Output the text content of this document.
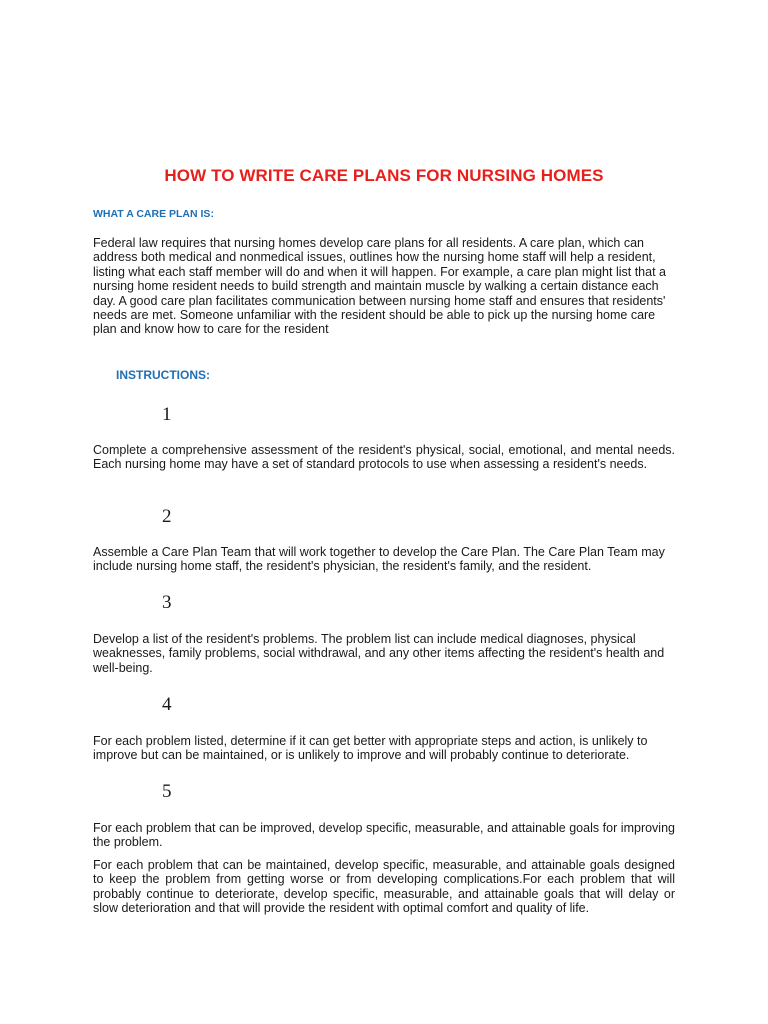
HOW TO WRITE CARE PLANS FOR NURSING HOMES
WHAT A CARE PLAN IS:

Federal law requires that nursing homes develop care plans for all residents. A care plan, which can address both medical and nonmedical issues, outlines how the nursing home staff will help a resident, listing what each staff member will do and when it will happen. For example, a care plan might list that a nursing home resident needs to build strength and maintain muscle by walking a certain distance each day. A good care plan facilitates communication between nursing home staff and ensures that residents' needs are met. Someone unfamiliar with the resident should be able to pick up the nursing home care plan and know how to care for the resident

INSTRUCTIONS:
1

Complete a comprehensive assessment of the resident's physical, social, emotional, and mental needs. Each nursing home may have a set of standard protocols to use when assessing a resident's needs.

2

Assemble a Care Plan Team that will work together to develop the Care Plan. The Care Plan Team may include nursing home staff, the resident's physician, the resident's family, and the resident.

3

Develop a list of the resident's problems. The problem list can include medical diagnoses, physical weaknesses, family problems, social withdrawal, and any other items affecting the resident's health and well-being.

4

For each problem listed, determine if it can get better with appropriate steps and action, is unlikely to improve but can be maintained, or is unlikely to improve and will probably continue to deteriorate.

5

For each problem that can be improved, develop specific, measurable, and attainable goals for improving the problem.

For each problem that can be maintained, develop specific, measurable, and attainable goals designed to keep the problem from getting worse or from developing complications.For each problem that will probably continue to deteriorate, develop specific, measurable, and attainable goals that will delay or slow deterioration and that will provide the resident with optimal comfort and quality of life.
